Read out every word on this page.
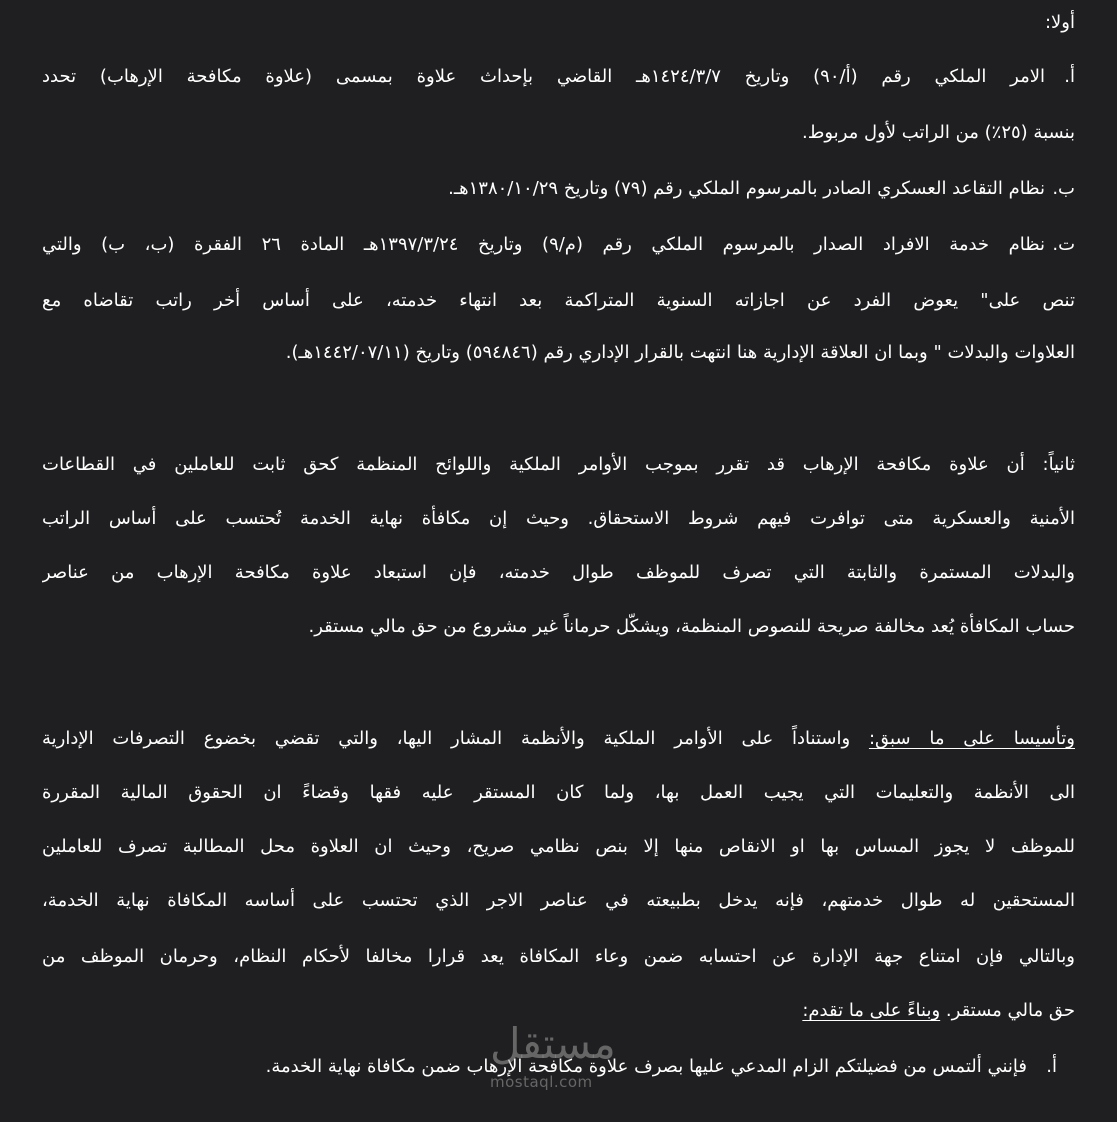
أولا:
أ.الامر الملكي رقم (أ/٩٠) وتاريخ ١٤٢٤/٣/٧هـ القاضي بإحداث علاوة بمسمى (علاوة مكافحة الإرهاب) تحدد
بنسبة (٢٥٪) من الراتب لأول مربوط.
ب.نظام التقاعد العسكري الصادر بالمرسوم الملكي رقم (٧٩) وتاريخ ١٣٨٠/١٠/٢٩هـ.
ت.نظام خدمة الافراد الصدار بالمرسوم الملكي رقم (م/٩) وتاريخ ١٣٩٧/٣/٢٤هـ المادة ٢٦ الفقرة (ب، ب) والتي
تنص على" يعوض الفرد عن اجازاته السنوية المتراكمة بعد انتهاء خدمته، على أساس أخر راتب تقاضاه مع
العلاوات والبدلات " وبما ان العلاقة الإدارية هنا انتهت بالقرار الإداري رقم (٥٩٤٨٤٦) وتاريخ (١٤٤٢/٠٧/١١هـ).
ثانياً: أن علاوة مكافحة الإرهاب قد تقرر بموجب الأوامر الملكية واللوائح المنظمة كحق ثابت للعاملين في القطاعات
الأمنية والعسكرية متى توافرت فيهم شروط الاستحقاق. وحيث إن مكافأة نهاية الخدمة تُحتسب على أساس الراتب
والبدلات المستمرة والثابتة التي تصرف للموظف طوال خدمته، فإن استبعاد علاوة مكافحة الإرهاب من عناصر
حساب المكافأة يُعد مخالفة صريحة للنصوص المنظمة، ويشكّل حرماناً غير مشروع من حق مالي مستقر.
وتأسيسا على ما سبق: واستناداً على الأوامر الملكية والأنظمة المشار اليها، والتي تقضي بخضوع التصرفات الإدارية
الى الأنظمة والتعليمات التي يجيب العمل بها، ولما كان المستقر عليه فقها وقضاءً ان الحقوق المالية المقررة
للموظف لا يجوز المساس بها او الانقاص منها إلا بنص نظامي صريح، وحيث ان العلاوة محل المطالبة تصرف للعاملين
المستحقين له طوال خدمتهم، فإنه يدخل بطبيعته في عناصر الاجر الذي تحتسب على أساسه المكافاة نهاية الخدمة،
وبالتالي فإن امتناع جهة الإدارة عن احتسابه ضمن وعاء المكافاة يعد قرارا مخالفا لأحكام النظام، وحرمان الموظف من
حق مالي مستقر. وبناءً على ما تقدم:
أ.فإنني ألتمس من فضيلتكم الزام المدعي عليها بصرف علاوة مكافحة الإرهاب ضمن مكافاة نهاية الخدمة.
مستقل
mostaql.com
